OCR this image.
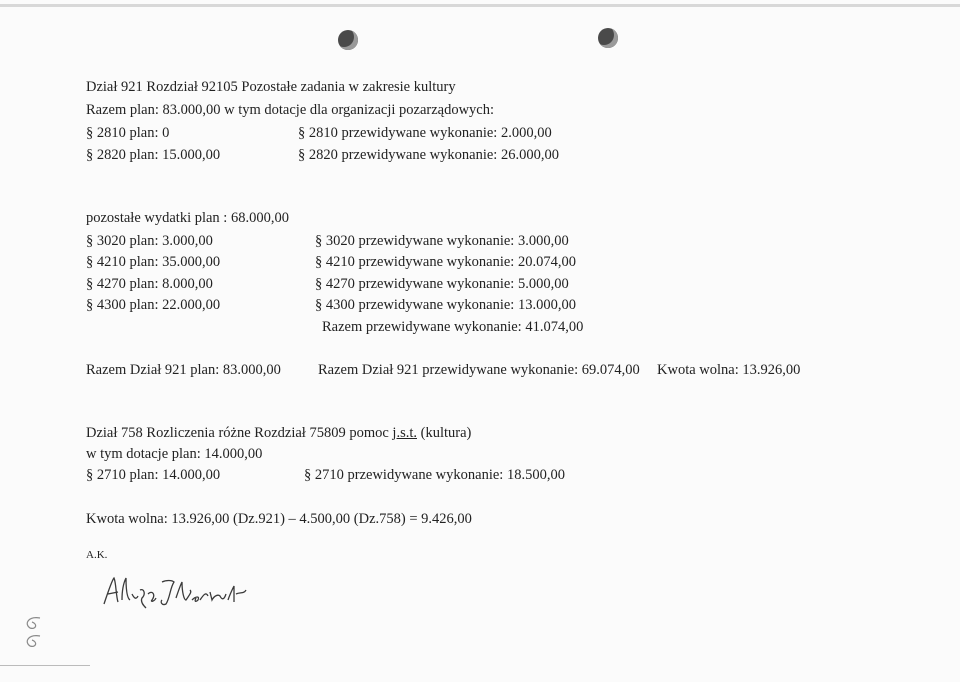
Dział 921 Rozdział 92105 Pozostałe zadania w zakresie kultury
Razem plan: 83.000,00 w tym dotacje dla organizacji pozarządowych:
§ 2810 plan: 0
§ 2820 plan: 15.000,00
§ 2810 przewidywane wykonanie: 2.000,00
§ 2820 przewidywane wykonanie: 26.000,00
pozostałe wydatki plan : 68.000,00
§ 3020 plan: 3.000,00
§ 4210 plan: 35.000,00
§ 4270 plan: 8.000,00
§ 4300 plan: 22.000,00
§ 3020 przewidywane wykonanie: 3.000,00
§ 4210 przewidywane wykonanie: 20.074,00
§ 4270 przewidywane wykonanie: 5.000,00
§ 4300 przewidywane wykonanie: 13.000,00
Razem przewidywane wykonanie: 41.074,00
Razem Dział 921 plan: 83.000,00	Razem Dział 921 przewidywane wykonanie: 69.074,00 Kwota wolna: 13.926,00
Dział 758 Rozliczenia różne Rozdział 75809 pomoc j.s.t. (kultura)
w tym dotacje plan: 14.000,00
§ 2710 plan: 14.000,00	§ 2710 przewidywane wykonanie: 18.500,00
Kwota wolna: 13.926,00 (Dz.921) – 4.500,00 (Dz.758) = 9.426,00
A.K.
